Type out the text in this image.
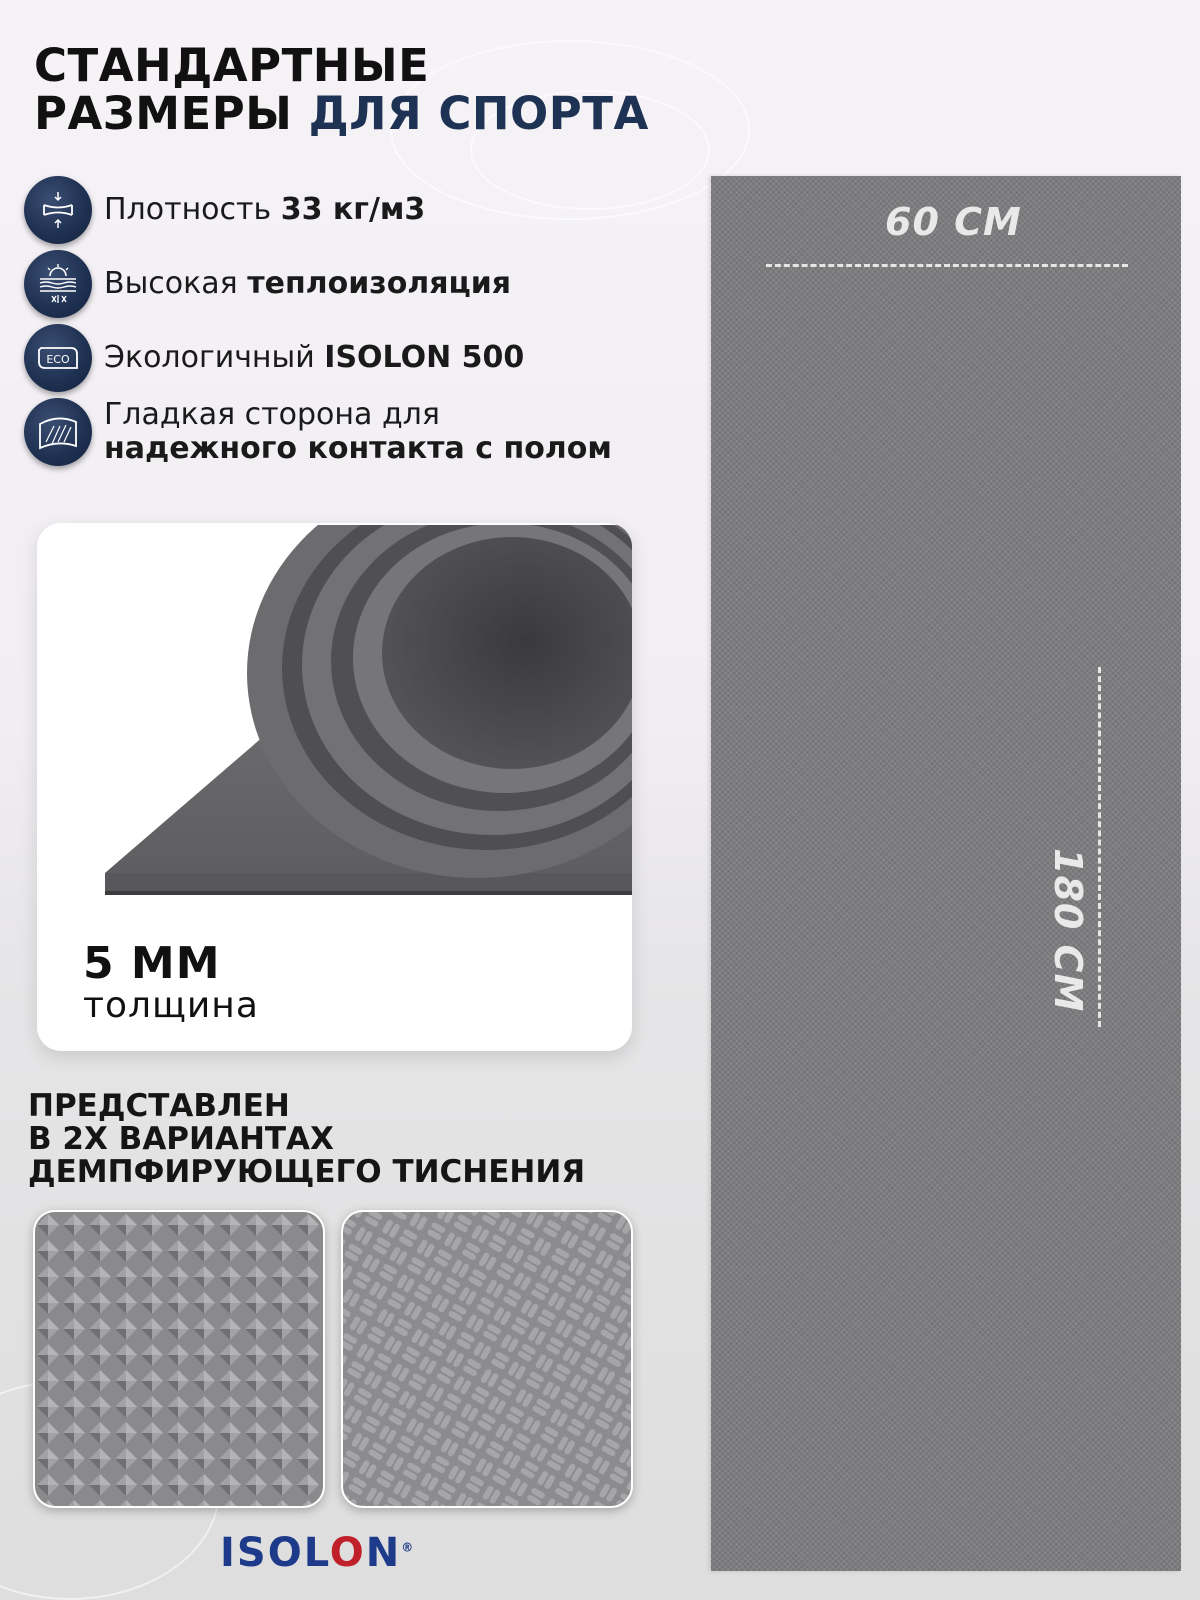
СТАНДАРТНЫЕ
РАЗМЕРЫ ДЛЯ СПОРТА
Плотность 33 кг/м3
Высокая теплоизоляция
ECO Экологичный ISOLON 500
Гладкая сторона для
надежного контакта с полом
5 ММ
толщина
ПРЕДСТАВЛЕН
В 2Х ВАРИАНТАХ
ДЕМПФИРУЮЩЕГО ТИСНЕНИЯ
ISOLON®
60 СМ
180 СМ
